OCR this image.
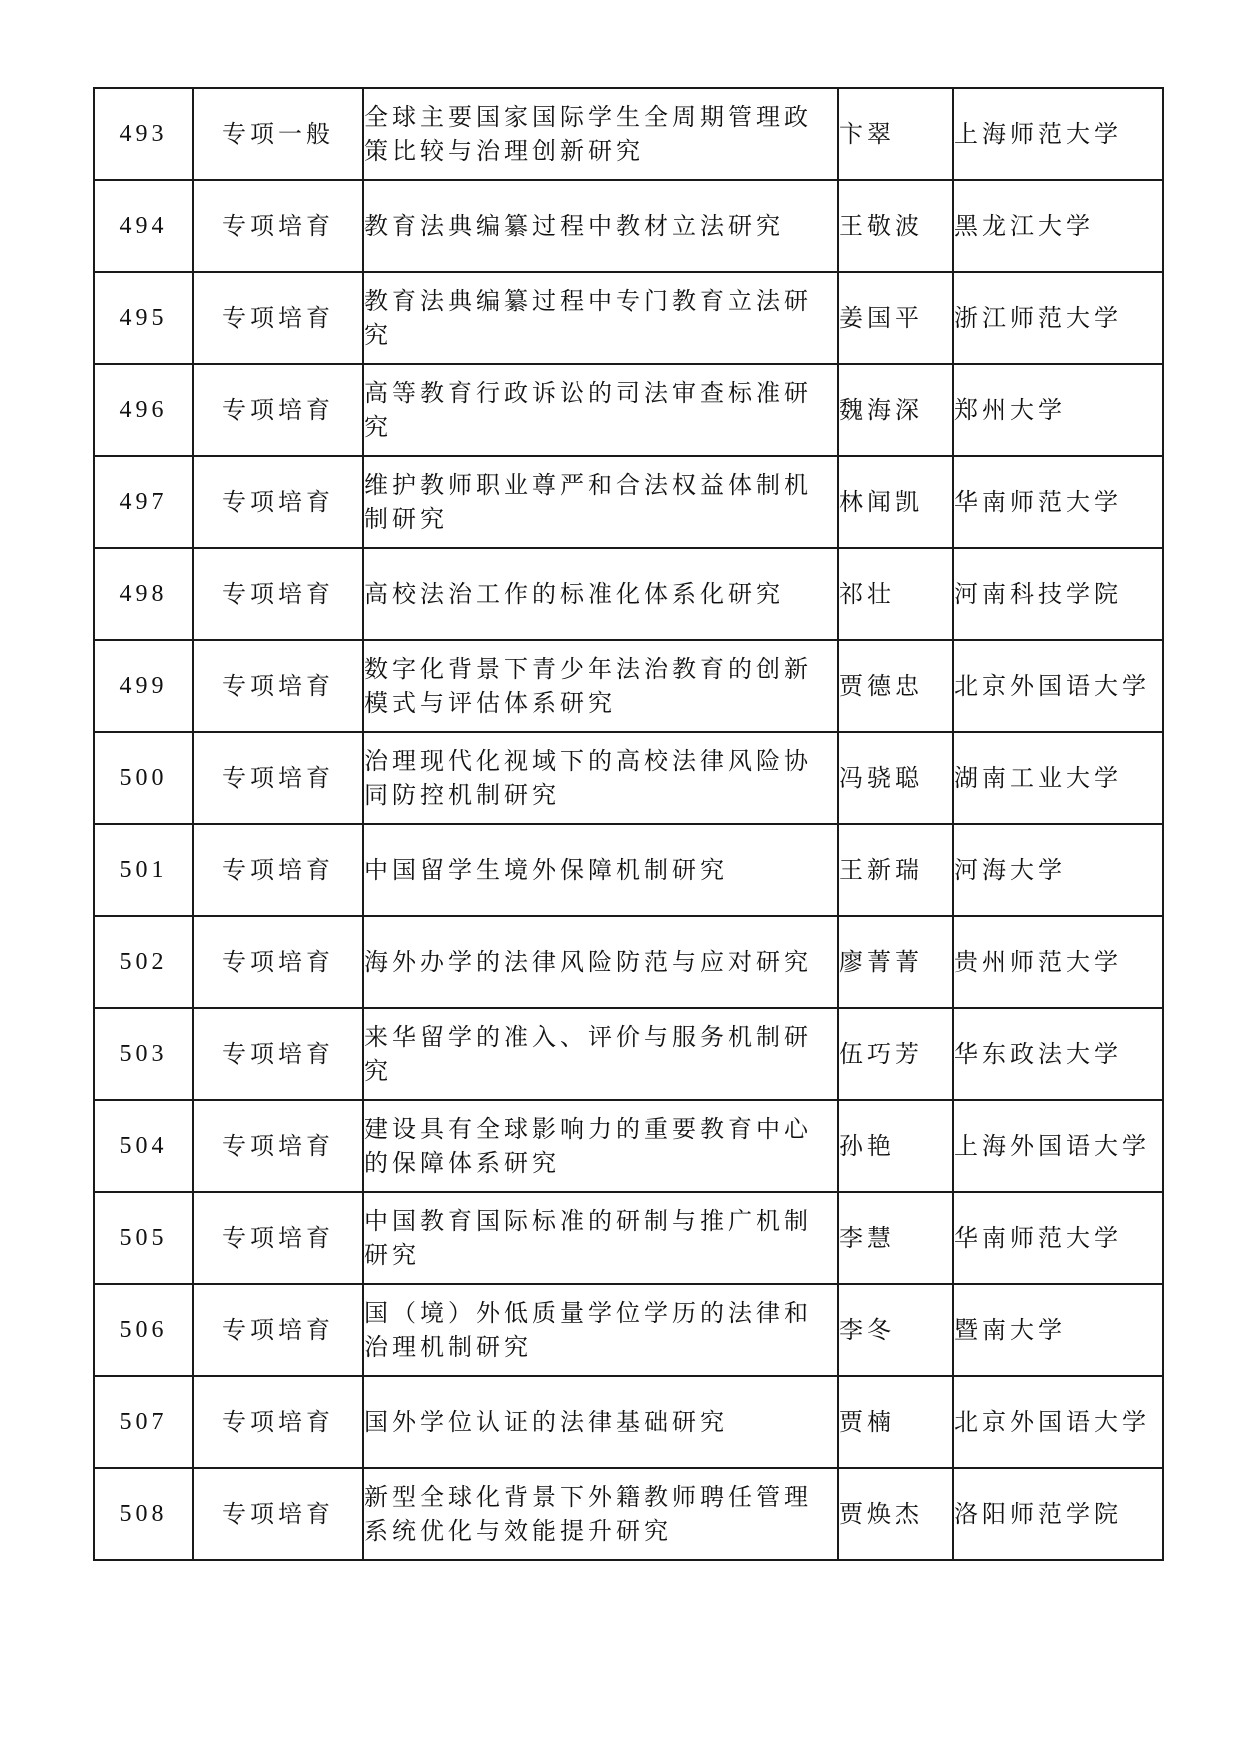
493	专项一般	全球主要国家国际学生全周期管理政策比较与治理创新研究	卞翠	上海师范大学
494	专项培育	教育法典编纂过程中教材立法研究	王敬波	黑龙江大学
495	专项培育	教育法典编纂过程中专门教育立法研究	姜国平	浙江师范大学
496	专项培育	高等教育行政诉讼的司法审查标准研究	魏海深	郑州大学
497	专项培育	维护教师职业尊严和合法权益体制机制研究	林闻凯	华南师范大学
498	专项培育	高校法治工作的标准化体系化研究	祁壮	河南科技学院
499	专项培育	数字化背景下青少年法治教育的创新模式与评估体系研究	贾德忠	北京外国语大学
500	专项培育	治理现代化视域下的高校法律风险协同防控机制研究	冯骁聪	湖南工业大学
501	专项培育	中国留学生境外保障机制研究	王新瑞	河海大学
502	专项培育	海外办学的法律风险防范与应对研究	廖菁菁	贵州师范大学
503	专项培育	来华留学的准入、评价与服务机制研究	伍巧芳	华东政法大学
504	专项培育	建设具有全球影响力的重要教育中心的保障体系研究	孙艳	上海外国语大学
505	专项培育	中国教育国际标准的研制与推广机制研究	李慧	华南师范大学
506	专项培育	国（境）外低质量学位学历的法律和治理机制研究	李冬	暨南大学
507	专项培育	国外学位认证的法律基础研究	贾楠	北京外国语大学
508	专项培育	新型全球化背景下外籍教师聘任管理系统优化与效能提升研究	贾焕杰	洛阳师范学院
